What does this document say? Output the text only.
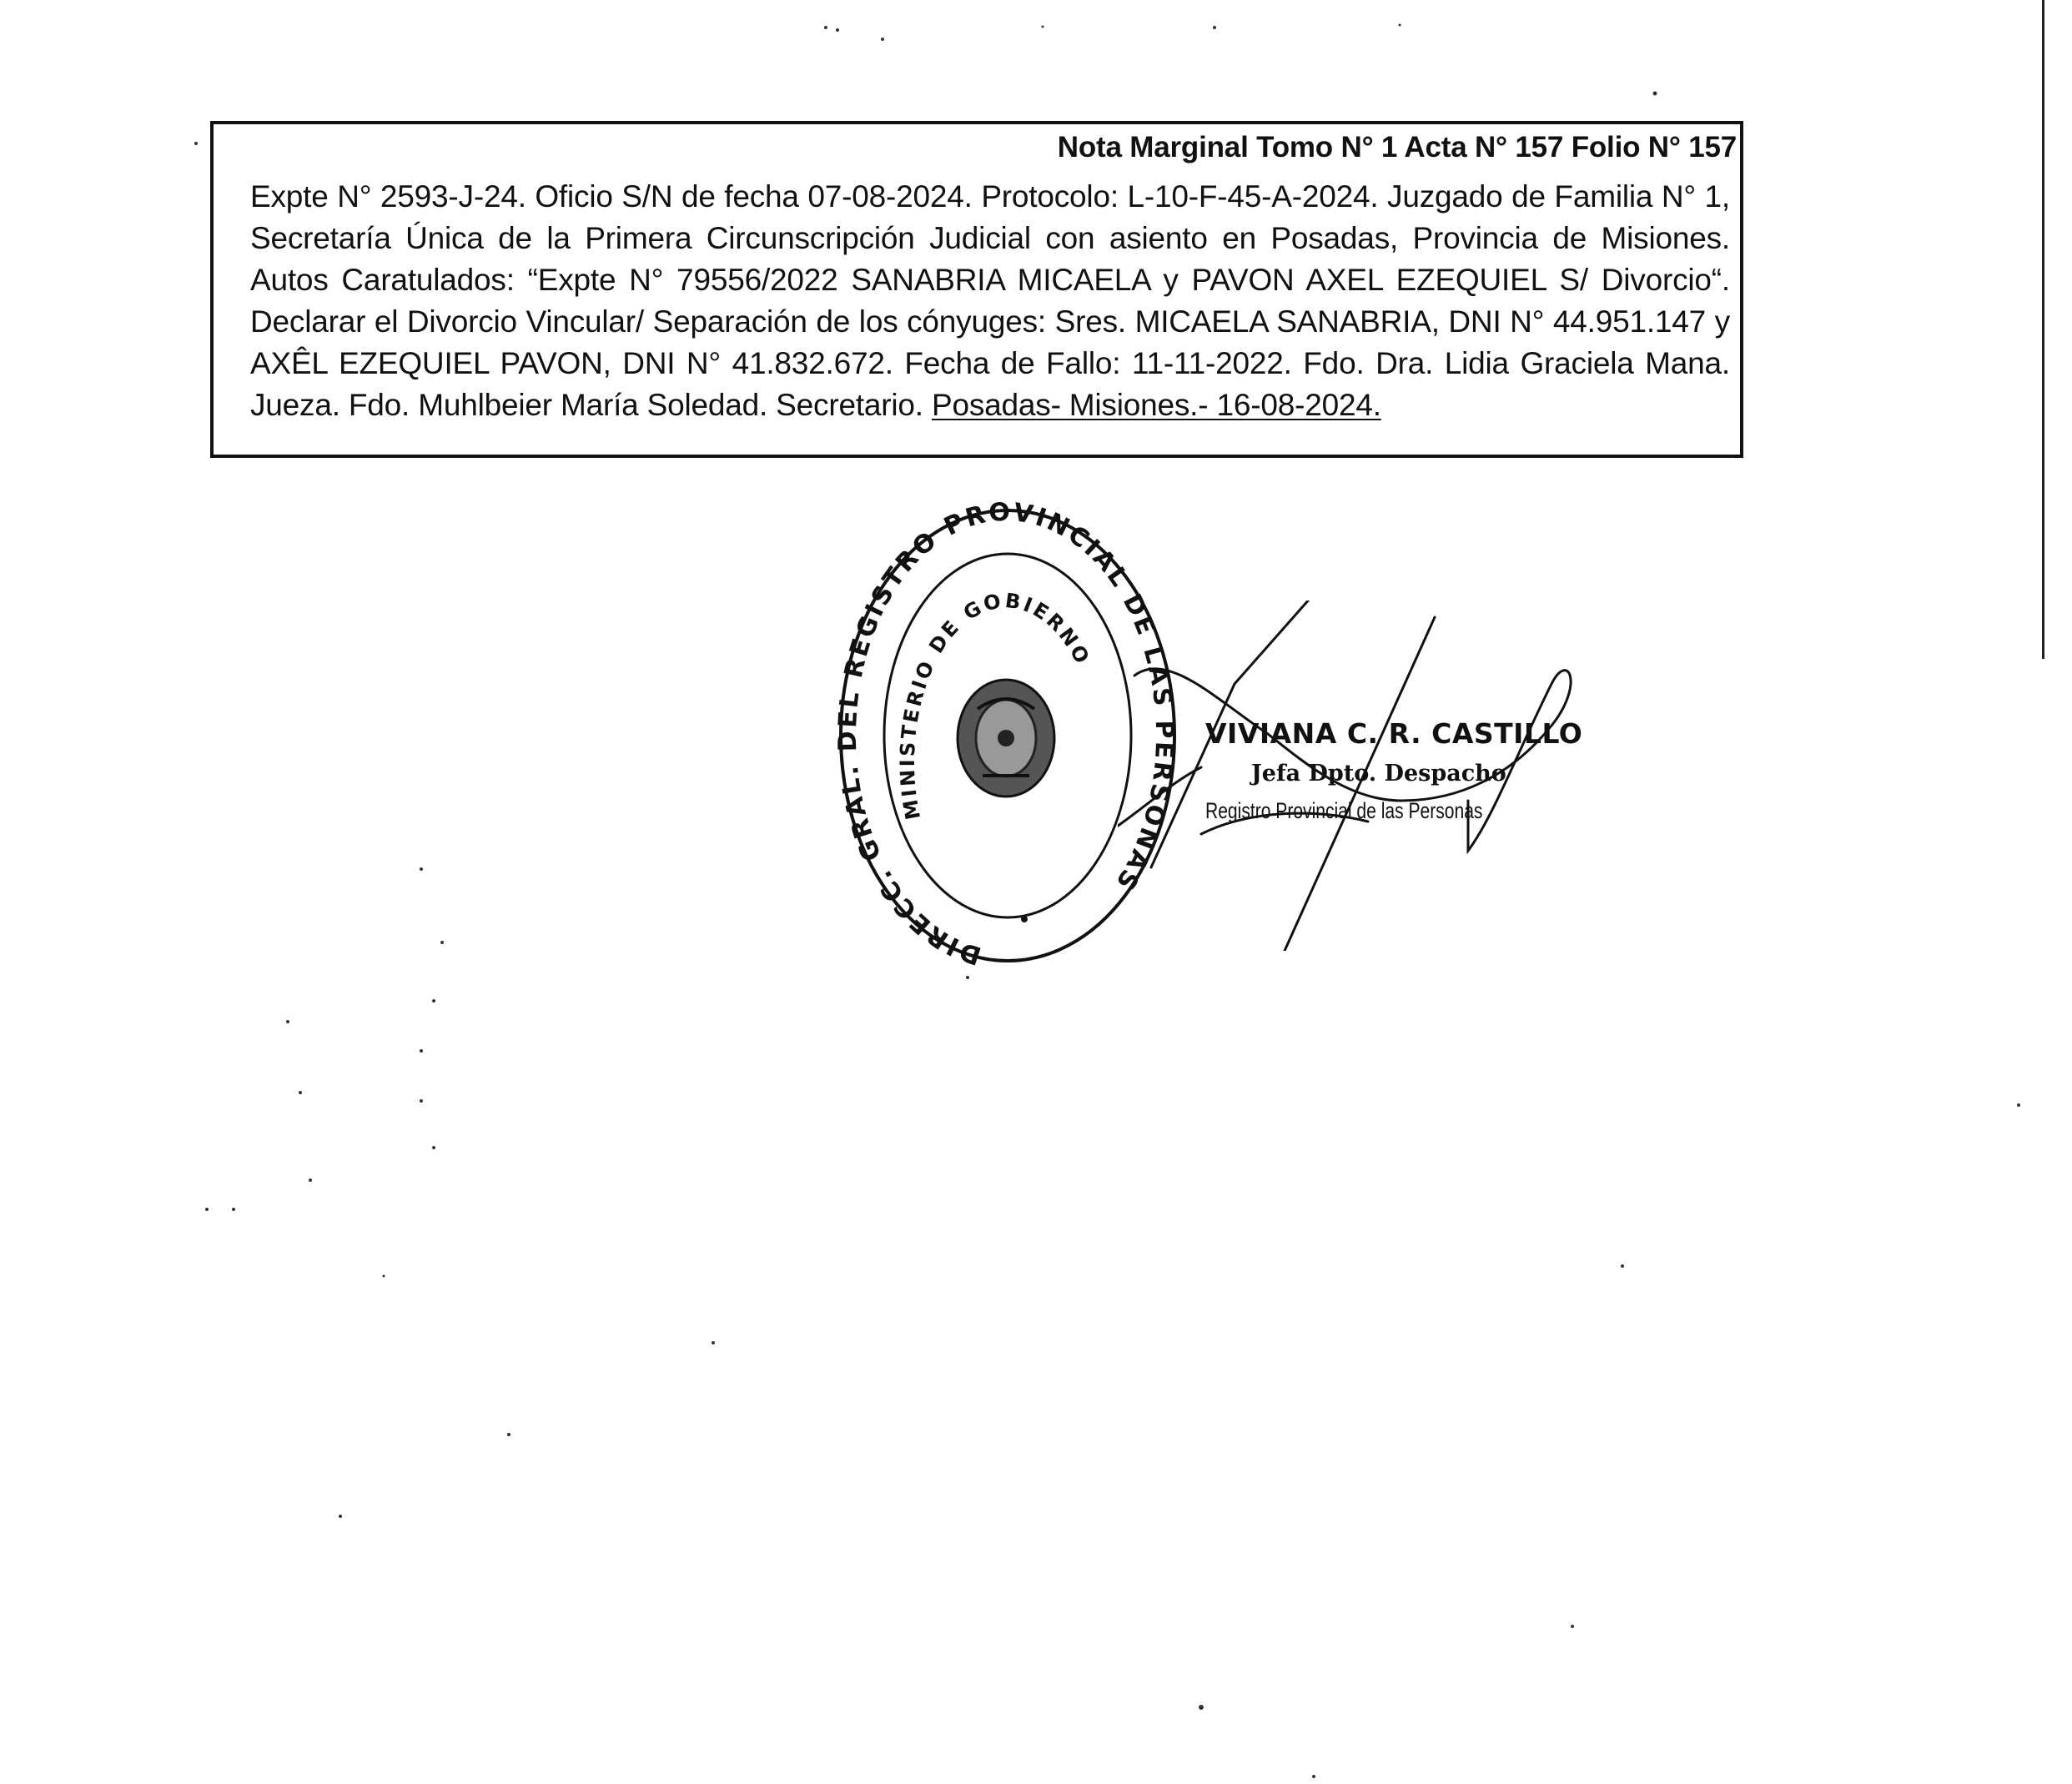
Nota Marginal Tomo N° 1 Acta N° 157 Folio N° 157
Expte N° 2593-J-24. Oficio S/N de fecha 07-08-2024. Protocolo: L-10-F-45-A-2024. Juzgado de Familia N° 1, Secretaría Única de la Primera Circunscripción Judicial con asiento en Posadas, Provincia de Misiones. Autos Caratulados: “Expte N° 79556/2022 SANABRIA MICAELA y PAVON AXEL EZEQUIEL S/ Divorcio“. Declarar el Divorcio Vincular/ Separación de los cónyuges: Sres. MICAELA SANABRIA, DNI N° 44.951.147 y AXÊL EZEQUIEL PAVON, DNI N° 41.832.672. Fecha de Fallo: 11-11-2022. Fdo. Dra. Lidia Graciela Mana. Jueza. Fdo. Muhlbeier María Soledad. Secretario. Posadas- Misiones.- 16-08-2024.
DIRECC. GRAL. DEL REGISTRO PROVINCIAL DE LAS PERSONAS
MINISTERIO DE GOBIERNO
VIVIANA C. R. CASTILLO
Jefa Dpto. Despacho
Registro Provincial de las Personas
